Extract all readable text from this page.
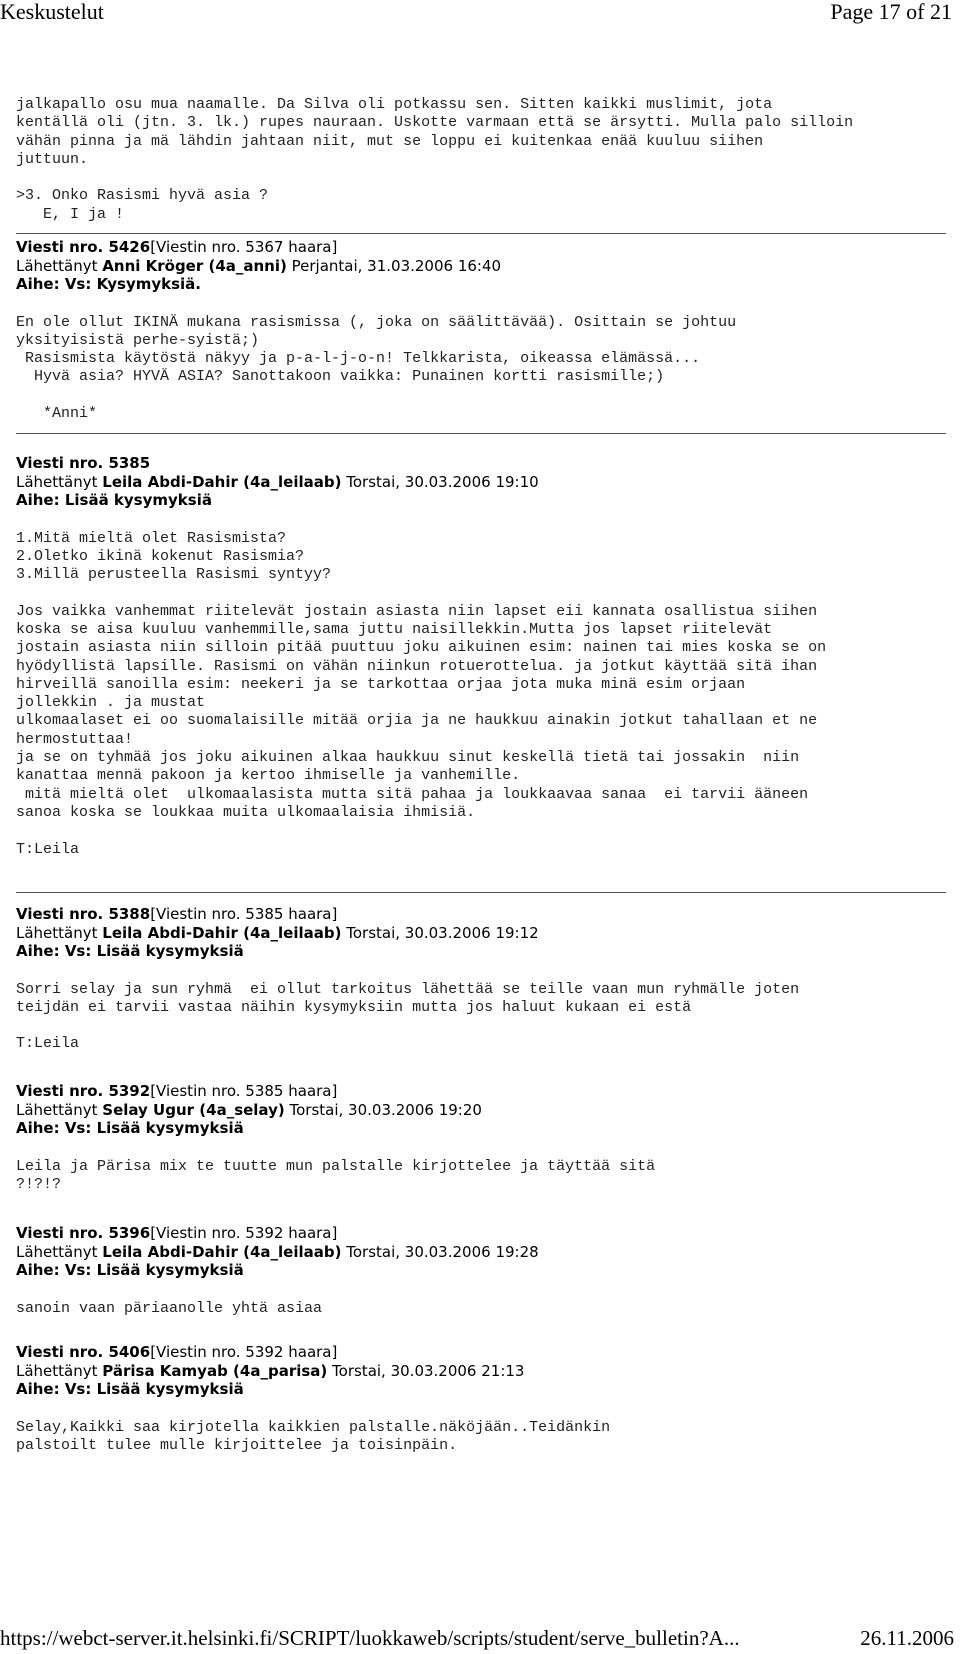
Keskustelut	Page 17 of 21
jalkapallo osu mua naamalle. Da Silva oli potkassu sen. Sitten kaikki muslimit, jota
kentällä oli (jtn. 3. lk.) rupes nauraan. Uskotte varmaan että se ärsytti. Mulla palo silloin
vähän pinna ja mä lähdin jahtaan niit, mut se loppu ei kuitenkaa enää kuuluu siihen
juttuun.

>3. Onko Rasismi hyvä asia ?
E, I ja !
Viesti nro. 5426[Viestin nro. 5367 haara]
Lähettänyt Anni Kröger (4a_anni) Perjantai, 31.03.2006 16:40
Aihe: Vs: Kysymyksiä.
En ole ollut IKINÄ mukana rasismissa (, joka on säälittävää). Osittain se johtuu
yksityisistä perhe-syistä;)
Rasismista käytöstä näkyy ja p-a-l-j-o-n! Telkkarista, oikeassa elämässä...
Hyvä asia? HYVÄ ASIA? Sanottakoon vaikka: Punainen kortti rasismille;)

*Anni*
Viesti nro. 5385
Lähettänyt Leila Abdi-Dahir (4a_leilaab) Torstai, 30.03.2006 19:10
Aihe: Lisää kysymyksiä
1.Mitä mieltä olet Rasismista?
2.Oletko ikinä kokenut Rasismia?
3.Millä perusteella Rasismi syntyy?

Jos vaikka vanhemmat riitelevät jostain asiasta niin lapset eii kannata osallistua siihen
koska se aisa kuuluu vanhemmille,sama juttu naisillekkin.Mutta jos lapset riitelevät
jostain asiasta niin silloin pitää puuttuu joku aikuinen esim: nainen tai mies koska se on
hyödyllistä lapsille. Rasismi on vähän niinkun rotuerottelua. ja jotkut käyttää sitä ihan
hirveillä sanoilla esim: neekeri ja se tarkottaa orjaa jota muka minä esim orjaan
jollekkin . ja mustat
ulkomaalaset ei oo suomalaisille mitää orjia ja ne haukkuu ainakin jotkut tahallaan et ne
hermostuttaa!
ja se on tyhmää jos joku aikuinen alkaa haukkuu sinut keskellä tietä tai jossakin  niin
kanattaa mennä pakoon ja kertoo ihmiselle ja vanhemille.
mitä mieltä olet  ulkomaalasista mutta sitä pahaa ja loukkaavaa sanaa  ei tarvii ääneen
sanoa koska se loukkaa muita ulkomaalaisia ihmisiä.

T:Leila
Viesti nro. 5388[Viestin nro. 5385 haara]
Lähettänyt Leila Abdi-Dahir (4a_leilaab) Torstai, 30.03.2006 19:12
Aihe: Vs: Lisää kysymyksiä
Sorri selay ja sun ryhmä  ei ollut tarkoitus lähettää se teille vaan mun ryhmälle joten
teijdän ei tarvii vastaa näihin kysymyksiin mutta jos haluut kukaan ei estä

T:Leila
Viesti nro. 5392[Viestin nro. 5385 haara]
Lähettänyt Selay Ugur (4a_selay) Torstai, 30.03.2006 19:20
Aihe: Vs: Lisää kysymyksiä
Leila ja Pärisa mix te tuutte mun palstalle kirjottelee ja täyttää sitä
?!?!?
Viesti nro. 5396[Viestin nro. 5392 haara]
Lähettänyt Leila Abdi-Dahir (4a_leilaab) Torstai, 30.03.2006 19:28
Aihe: Vs: Lisää kysymyksiä
sanoin vaan päriaanolle yhtä asiaa
Viesti nro. 5406[Viestin nro. 5392 haara]
Lähettänyt Pärisa Kamyab (4a_parisa) Torstai, 30.03.2006 21:13
Aihe: Vs: Lisää kysymyksiä
Selay,Kaikki saa kirjotella kaikkien palstalle.näköjään..Teidänkin
palstoilt tulee mulle kirjoittelee ja toisinpäin.
https://webct-server.it.helsinki.fi/SCRIPT/luokkaweb/scripts/student/serve_bulletin?A...	26.11.2006
